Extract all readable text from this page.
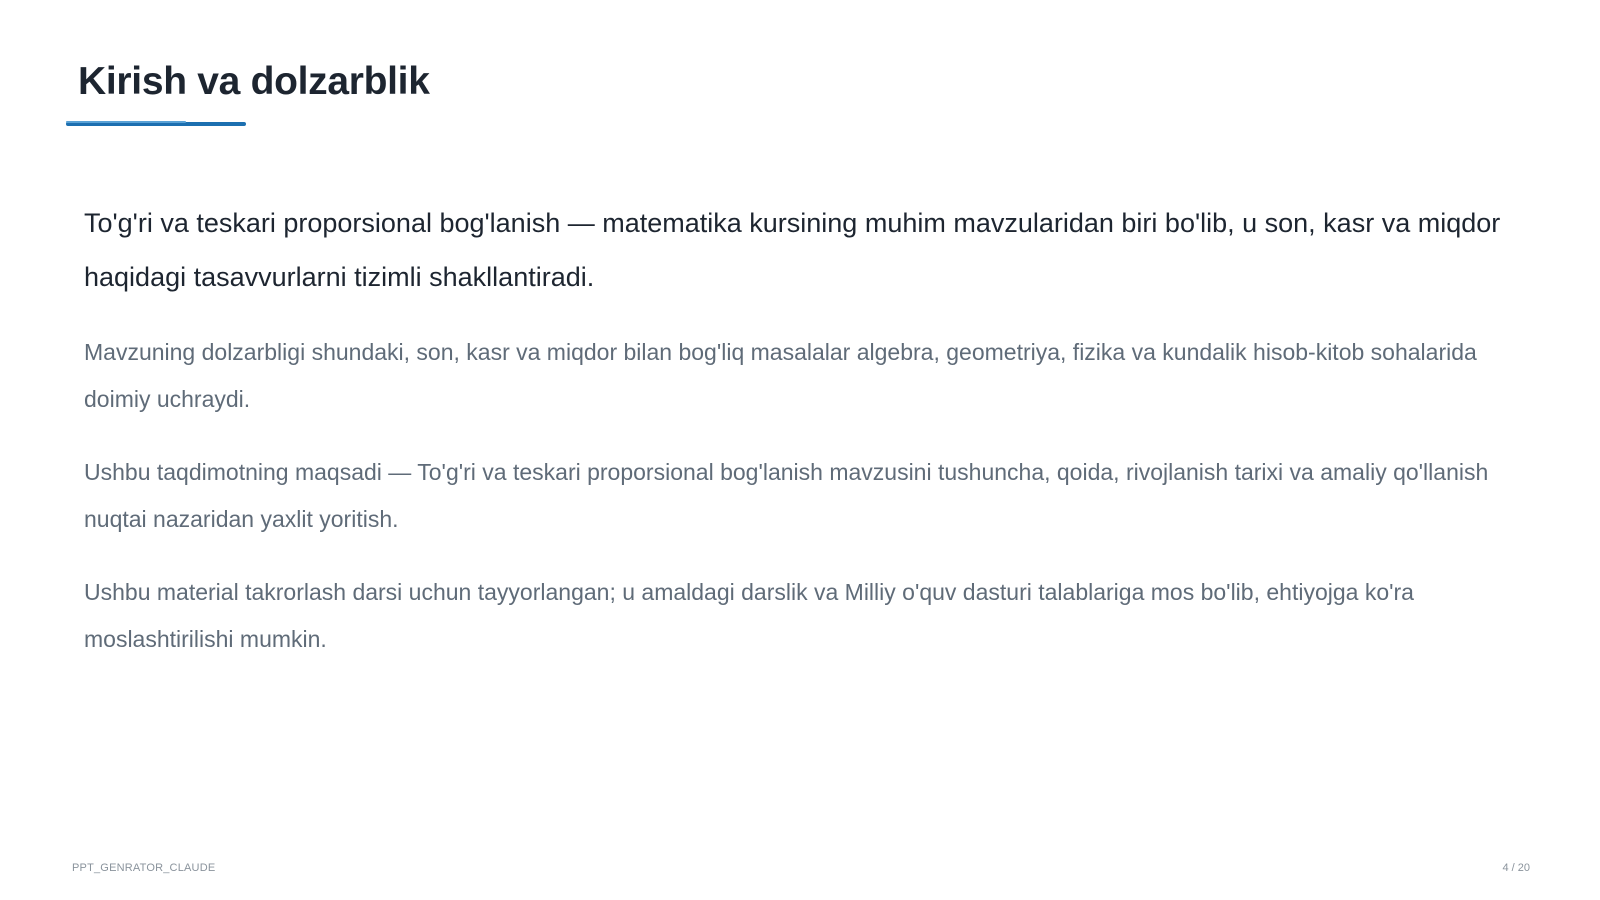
Kirish va dolzarblik

To'g'ri va teskari proporsional bog'lanish — matematika kursining muhim mavzularidan biri bo'lib, u son, kasr va miqdor haqidagi tasavvurlarni tizimli shakllantiradi.

Mavzuning dolzarbligi shundaki, son, kasr va miqdor bilan bog'liq masalalar algebra, geometriya, fizika va kundalik hisob-kitob sohalarida doimiy uchraydi.

Ushbu taqdimotning maqsadi — To'g'ri va teskari proporsional bog'lanish mavzusini tushuncha, qoida, rivojlanish tarixi va amaliy qo'llanish nuqtai nazaridan yaxlit yoritish.

Ushbu material takrorlash darsi uchun tayyorlangan; u amaldagi darslik va Milliy o'quv dasturi talablariga mos bo'lib, ehtiyojga ko'ra moslashtirilishi mumkin.

PPT_GENRATOR_CLAUDE	4 / 20
